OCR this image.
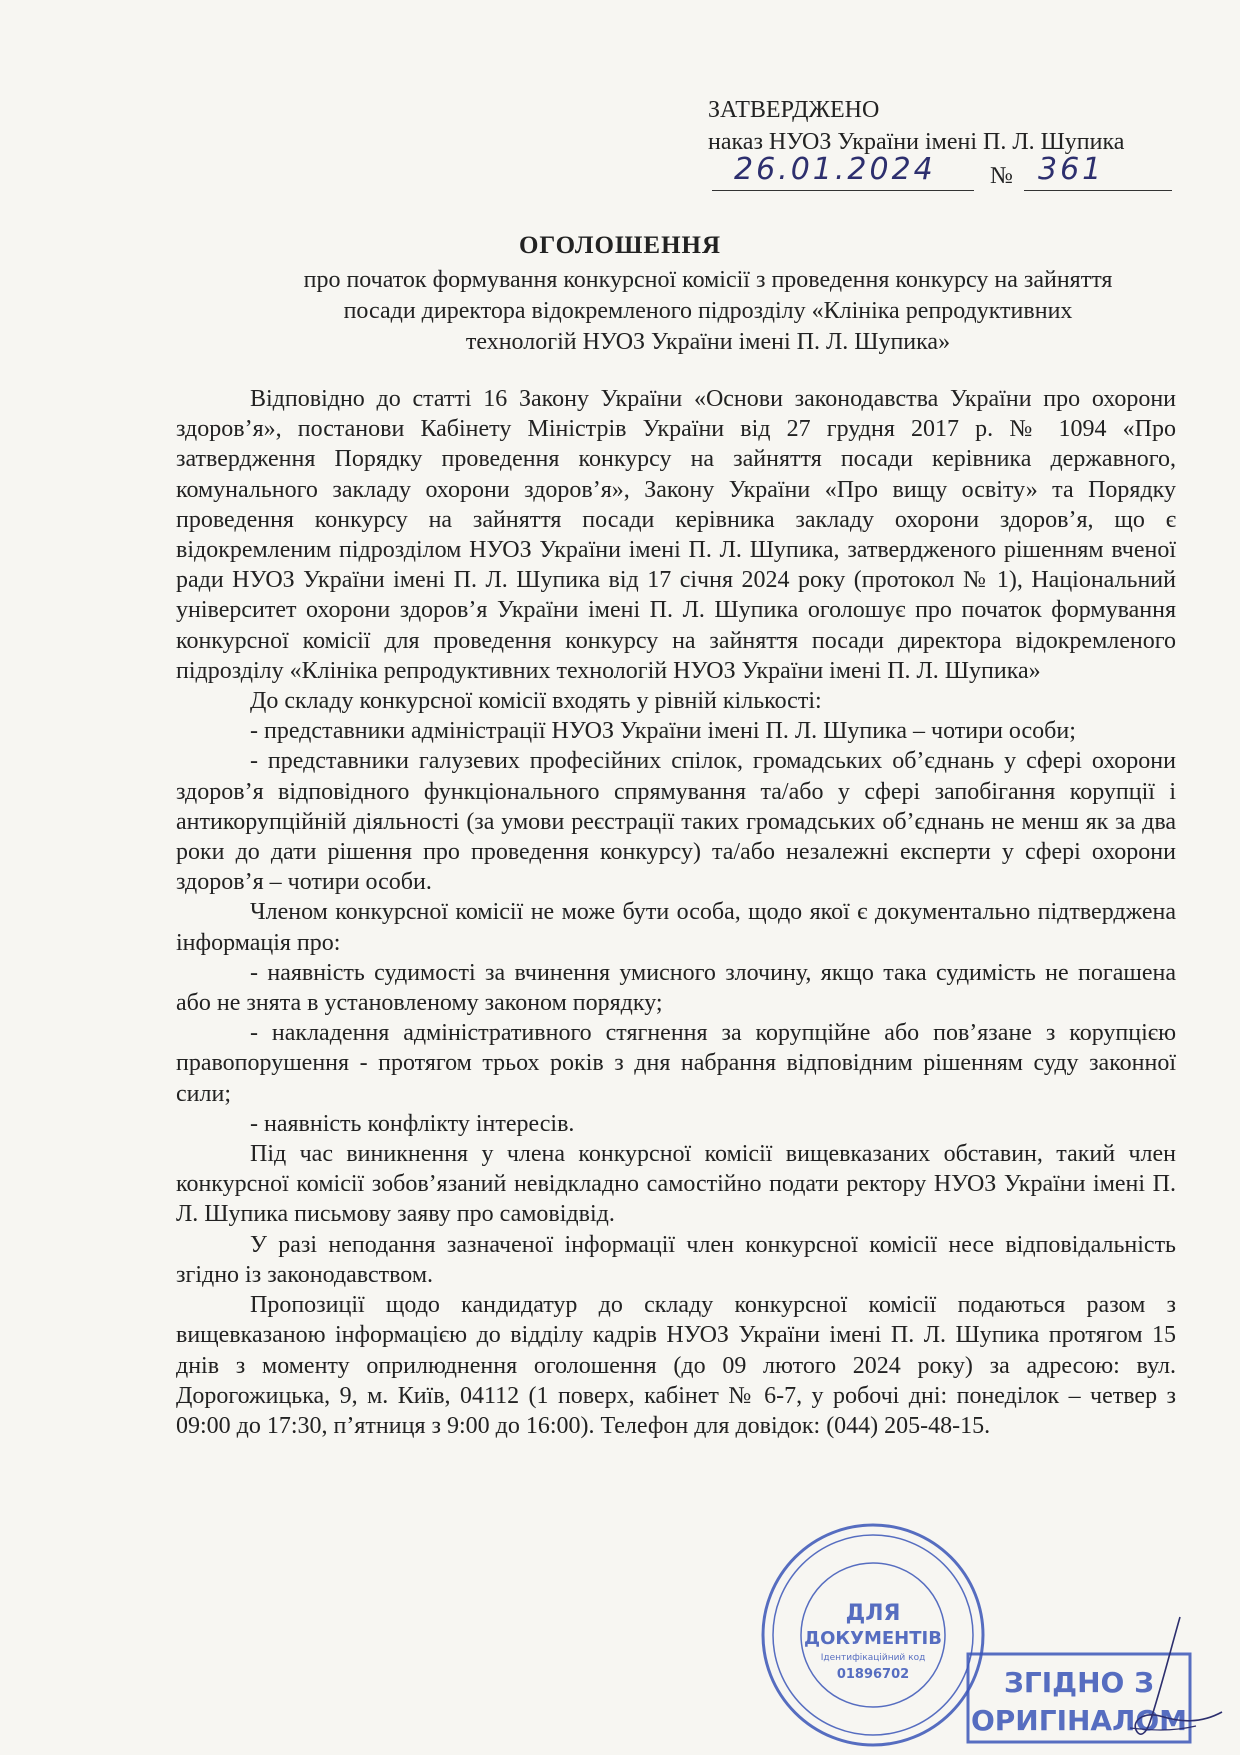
ЗАТВЕРДЖЕНО
наказ НУОЗ України імені П. Л. Шупика
26.01.2024	№ 361
ОГОЛОШЕННЯ
про початок формування конкурсної комісії з проведення конкурсу на зайняття
посади директора відокремленого підрозділу «Клініка репродуктивних
технологій НУОЗ України імені П. Л. Шупика»

Відповідно до статті 16 Закону України «Основи законодавства України про охорони здоров’я», постанови Кабінету Міністрів України від 27 грудня 2017 р. № 1094 «Про затвердження Порядку проведення конкурсу на зайняття посади керівника державного, комунального закладу охорони здоров’я», Закону України «Про вищу освіту» та Порядку проведення конкурсу на зайняття посади керівника закладу охорони здоров’я, що є відокремленим підрозділом НУОЗ України імені П. Л. Шупика, затвердженого рішенням вченої ради НУОЗ України імені П. Л. Шупика від 17 січня 2024 року (протокол № 1), Національний університет охорони здоров’я України імені П. Л. Шупика оголошує про початок формування конкурсної комісії для проведення конкурсу на зайняття посади директора відокремленого підрозділу «Клініка репродуктивних технологій НУОЗ України імені П. Л. Шупика»

До складу конкурсної комісії входять у рівній кількості:

- представники адміністрації НУОЗ України імені П. Л. Шупика – чотири особи;

- представники галузевих професійних спілок, громадських об’єднань у сфері охорони здоров’я відповідного функціонального спрямування та/або у сфері запобігання корупції і антикорупційній діяльності (за умови реєстрації таких громадських об’єднань не менш як за два роки до дати рішення про проведення конкурсу) та/або незалежні експерти у сфері охорони здоров’я – чотири особи.

Членом конкурсної комісії не може бути особа, щодо якої є документально підтверджена інформація про:

- наявність судимості за вчинення умисного злочину, якщо така судимість не погашена або не знята в установленому законом порядку;

- накладення адміністративного стягнення за корупційне або пов’язане з корупцією правопорушення - протягом трьох років з дня набрання відповідним рішенням суду законної сили;

- наявність конфлікту інтересів.

Під час виникнення у члена конкурсної комісії вищевказаних обставин, такий член конкурсної комісії зобов’язаний невідкладно самостійно подати ректору НУОЗ України імені П. Л. Шупика письмову заяву про самовідвід.

У разі неподання зазначеної інформації член конкурсної комісії несе відповідальність згідно із законодавством.

Пропозиції щодо кандидатур до складу конкурсної комісії подаються разом з вищевказаною інформацією до відділу кадрів НУОЗ України імені П. Л. Шупика протягом 15 днів з моменту оприлюднення оголошення (до 09 лютого 2024 року) за адресою: вул. Дорогожицька, 9, м. Київ, 04112 (1 поверх, кабінет № 6-7, у робочі дні: понеділок – четвер з 09:00 до 17:30, п’ятниця з 9:00 до 16:00). Телефон для довідок: (044) 205-48-15.

ДЛЯ
ДОКУМЕНТІВ
Ідентифікаційний код
01896702	ЗГІДНО З
ОРИГІНАЛОМ
